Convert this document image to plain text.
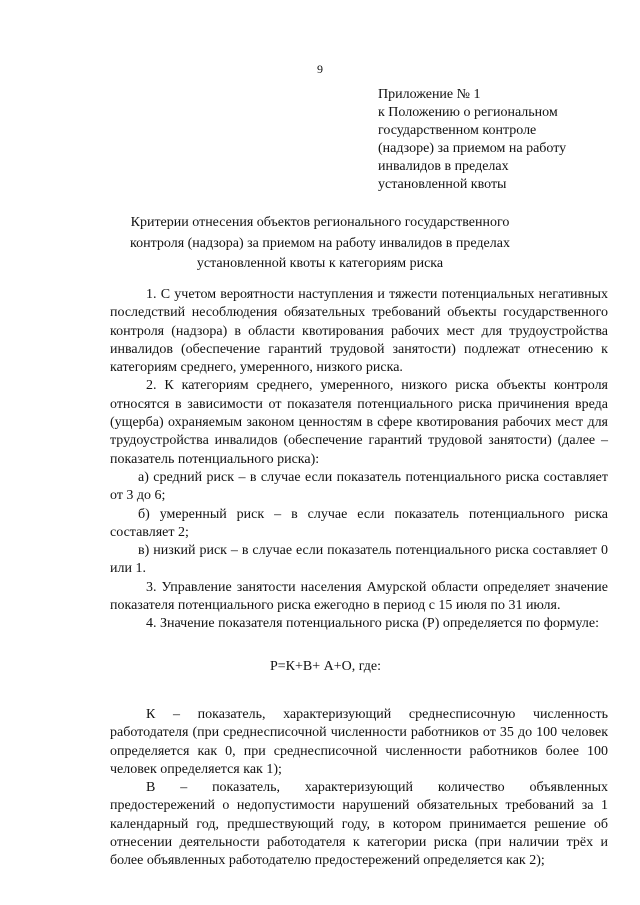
9
Приложение № 1
к Положению о региональном
государственном контроле
(надзоре) за приемом на работу
инвалидов в пределах
установленной квоты
Критерии отнесения объектов регионального государственного контроля (надзора) за приемом на работу инвалидов в пределах установленной квоты к категориям риска

1. С учетом вероятности наступления и тяжести потенциальных негативных последствий несоблюдения обязательных требований объекты государственного контроля (надзора) в области квотирования рабочих мест для трудоустройства инвалидов (обеспечение гарантий трудовой занятости) подлежат отнесению к категориям среднего, умеренного, низкого риска.

2. К категориям среднего, умеренного, низкого риска объекты контроля относятся в зависимости от показателя потенциального риска причинения вреда (ущерба) охраняемым законом ценностям в сфере квотирования рабочих мест для трудоустройства инвалидов (обеспечение гарантий трудовой занятости) (далее – показатель потенциального риска):

а) средний риск – в случае если показатель потенциального риска составляет от 3 до 6;

б) умеренный риск – в случае если показатель потенциального риска составляет 2;

в) низкий риск – в случае если показатель потенциального риска составляет 0 или 1.

3. Управление занятости населения Амурской области определяет значение показателя потенциального риска ежегодно в период с 15 июля по 31 июля.

4. Значение показателя потенциального риска (Р) определяется по формуле:

Р=К+В+ А+О, где:

К – показатель, характеризующий среднесписочную численность работодателя (при среднесписочной численности работников от 35 до 100 человек определяется как 0, при среднесписочной численности работников более 100 человек определяется как 1);

В – показатель, характеризующий количество объявленных предостережений о недопустимости нарушений обязательных требований за 1 календарный год, предшествующий году, в котором принимается решение об отнесении деятельности работодателя к категории риска (при наличии трёх и более объявленных работодателю предостережений определяется как 2);
